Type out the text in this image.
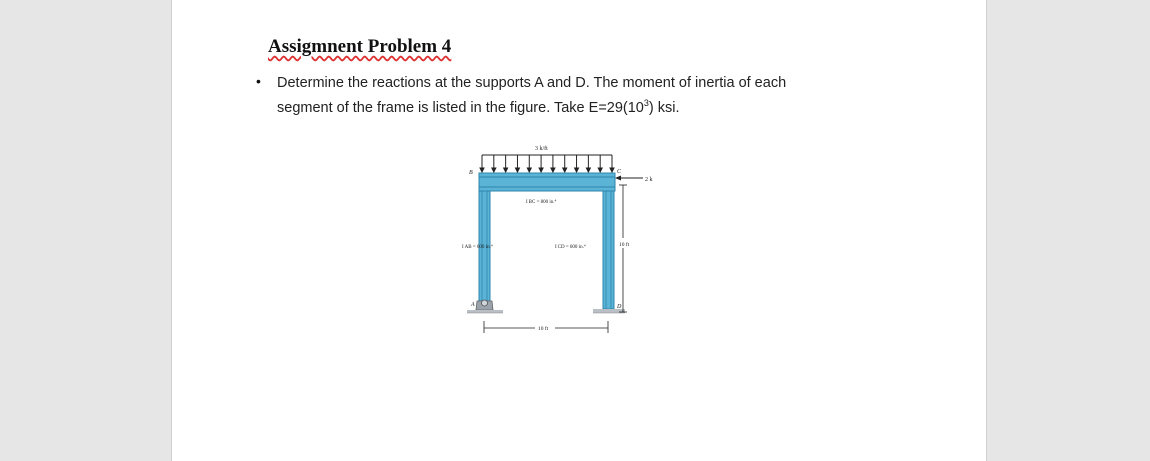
Assigmnent Problem 4
• Determine the reactions at the supports A and D. The moment of inertia of each
segment of the frame is listed in the figure. Take $E=29(10^3)$ ksi.
3 k/ft
2 k
B	C
A	D
I BC = 800 in.⁴
I AB = 600 in.⁴	I CD = 600 in.⁴	10 ft
10 ft
